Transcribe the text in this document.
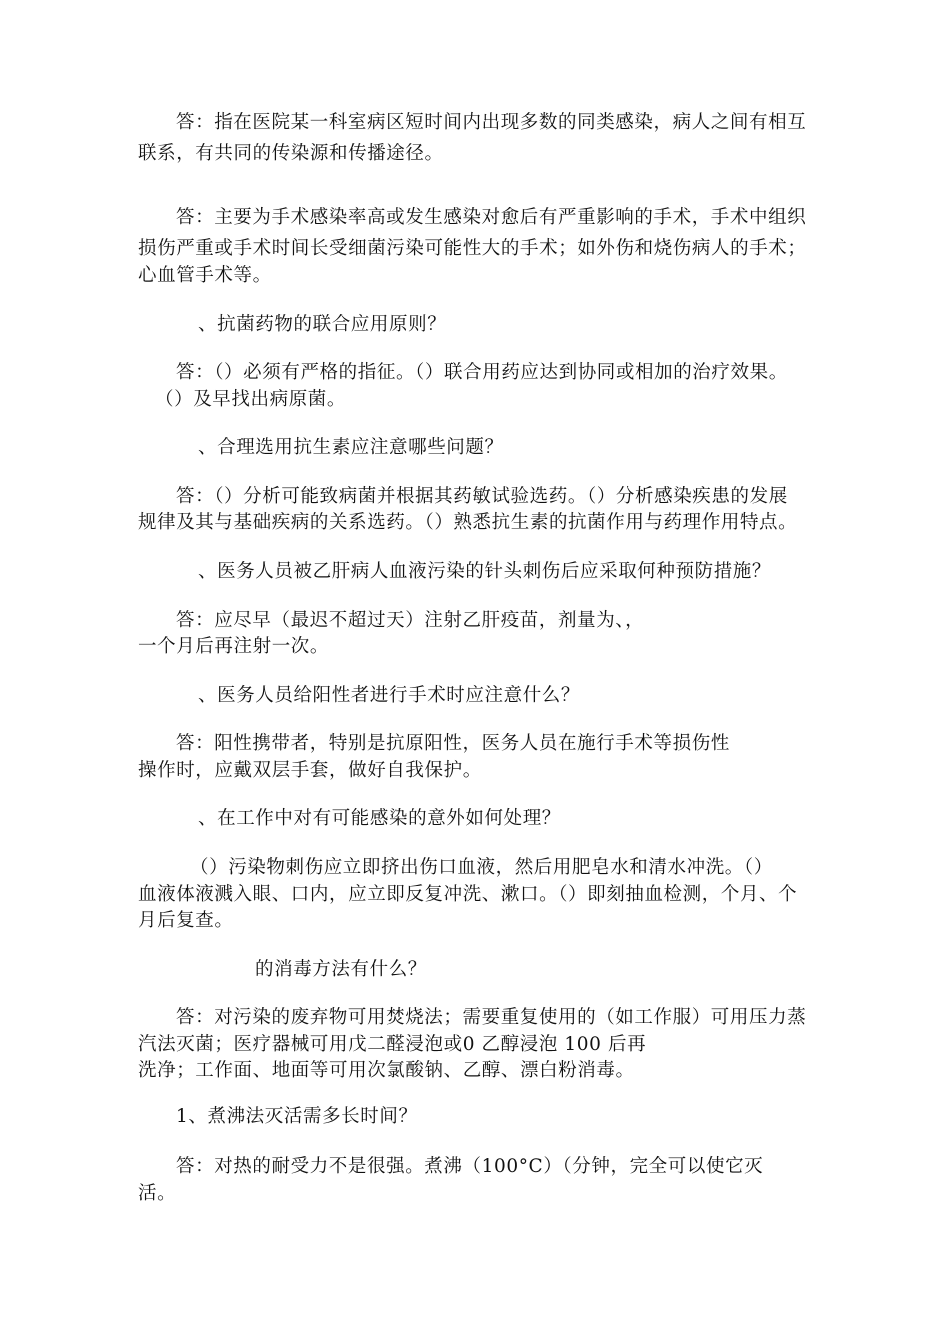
答：指在医院某一科室病区短时间内出现多数的同类感染，病人之间有相互
联系，有共同的传染源和传播途径。
答：主要为手术感染率高或发生感染对愈后有严重影响的手术，手术中组织
损伤严重或手术时间长受细菌污染可能性大的手术；如外伤和烧伤病人的手术；
心血管手术等。
、抗菌药物的联合应用原则？
答：（）必须有严格的指征。（）联合用药应达到协同或相加的治疗效果。
（）及早找出病原菌。
、合理选用抗生素应注意哪些问题？
答：（）分析可能致病菌并根据其药敏试验选药。（）分析感染疾患的发展
规律及其与基础疾病的关系选药。（）熟悉抗生素的抗菌作用与药理作用特点。
、医务人员被乙肝病人血液污染的针头刺伤后应采取何种预防措施？
答：应尽早（最迟不超过天）注射乙肝疫苗，剂量为、，
一个月后再注射一次。
、医务人员给阳性者进行手术时应注意什么？
答：阳性携带者，特别是抗原阳性，医务人员在施行手术等损伤性
操作时，应戴双层手套，做好自我保护。
、在工作中对有可能感染的意外如何处理？
（）污染物刺伤应立即挤出伤口血液，然后用肥皂水和清水冲洗。（）
血液体液溅入眼、口内，应立即反复冲洗、漱口。（）即刻抽血检测，个月、个
月后复查。
的消毒方法有什么？
答：对污染的废弃物可用焚烧法；需要重复使用的（如工作服）可用压力蒸
汽法灭菌；医疗器械可用戊二醛浸泡或0 乙醇浸泡 100 后再
洗净；工作面、地面等可用次氯酸钠、乙醇、漂白粉消毒。
1、煮沸法灭活需多长时间？
答：对热的耐受力不是很强。煮沸（100°C）（分钟，完全可以使它灭
活。
